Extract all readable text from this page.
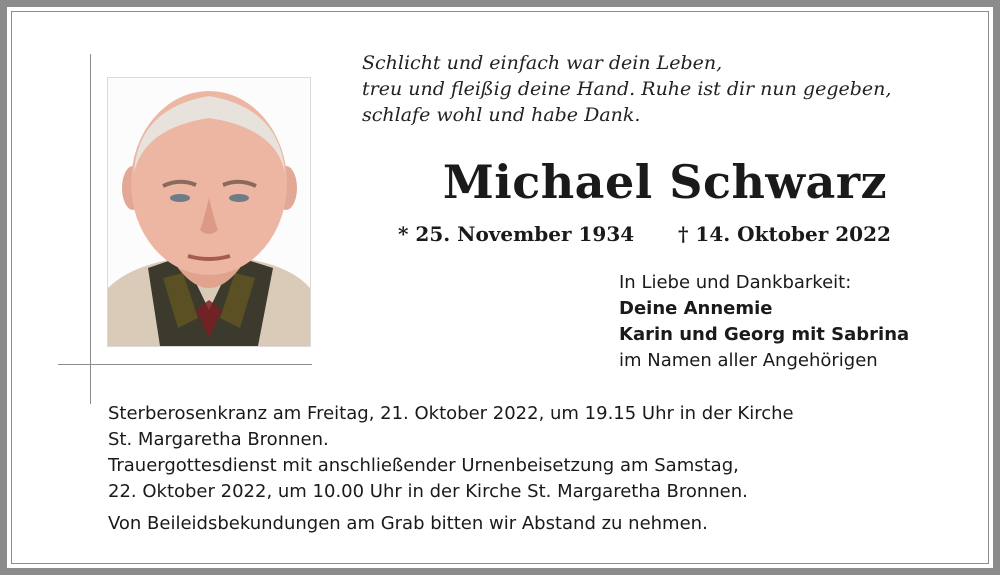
Schlicht und einfach war dein Leben,
treu und fleißig deine Hand. Ruhe ist dir nun gegeben,
schlafe wohl und habe Dank.
Michael Schwarz
* 25. November 1934 † 14. Oktober 2022
In Liebe und Dankbarkeit:
Deine Annemie
Karin und Georg mit Sabrina
im Namen aller Angehörigen
Sterberosenkranz am Freitag, 21. Oktober 2022, um 19.15 Uhr in der Kirche
St. Margaretha Bronnen.
Trauergottesdienst mit anschließender Urnenbeisetzung am Samstag,
22. Oktober 2022, um 10.00 Uhr in der Kirche St. Margaretha Bronnen.
Von Beileidsbekundungen am Grab bitten wir Abstand zu nehmen.
